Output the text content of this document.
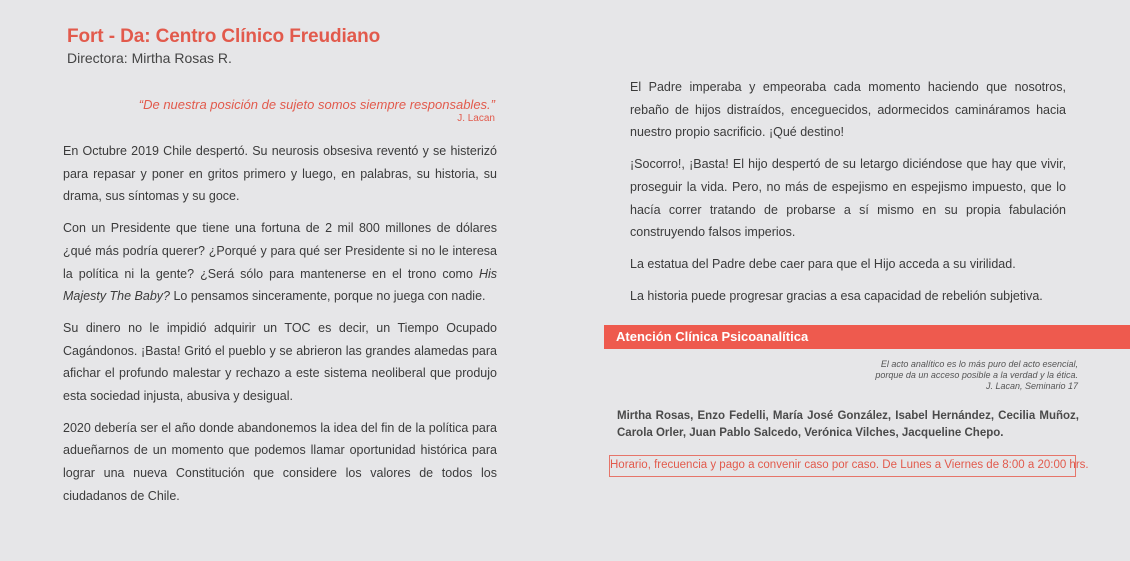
Fort - Da: Centro Clínico Freudiano
Directora: Mirtha Rosas R.
“De nuestra posición de sujeto somos siempre responsables.”
J. Lacan

En Octubre 2019 Chile despertó. Su neurosis obsesiva reventó y se histerizó para repasar y poner en gritos primero y luego, en palabras, su historia, su drama, sus síntomas y su goce.

Con un Presidente que tiene una fortuna de 2 mil 800 millones de dólares ¿qué más podría querer? ¿Porqué y para qué ser Presidente si no le interesa la política ni la gente? ¿Será sólo para mantenerse en el trono como His Majesty The Baby? Lo pensamos sinceramente, porque no juega con nadie.

Su dinero no le impidió adquirir un TOC es decir, un Tiempo Ocupado Cagándonos. ¡Basta! Gritó el pueblo y se abrieron las grandes alamedas para afichar el profundo malestar y rechazo a este sistema neoliberal que produjo esta sociedad injusta, abusiva y desigual.

2020 debería ser el año donde abandonemos la idea del fin de la política para adueñarnos de un momento que podemos llamar oportunidad histórica para lograr una nueva Constitución que considere los valores de todos los ciudadanos de Chile.

El Padre imperaba y empeoraba cada momento haciendo que nosotros, rebaño de hijos distraídos, enceguecidos, adormecidos camináramos hacia nuestro propio sacrificio. ¡Qué destino!

¡Socorro!, ¡Basta! El hijo despertó de su letargo diciéndose que hay que vivir, proseguir la vida. Pero, no más de espejismo en espejismo impuesto, que lo hacía correr tratando de probarse a sí mismo en su propia fabulación construyendo falsos imperios.

La estatua del Padre debe caer para que el Hijo acceda a su virilidad.

La historia puede progresar gracias a esa capacidad de rebelión subjetiva.

Atención Clínica Psicoanalítica
El acto analítico es lo más puro del acto esencial,
porque da un acceso posible a la verdad y la ética.
J. Lacan, Seminario 17
Mirtha Rosas, Enzo Fedelli, María José González, Isabel Hernández, Cecilia Muñoz, Carola Orler, Juan Pablo Salcedo, Verónica Vilches, Jacqueline Chepo.
Horario, frecuencia y pago a convenir caso por caso. De Lunes a Viernes de 8:00 a 20:00 hrs.
